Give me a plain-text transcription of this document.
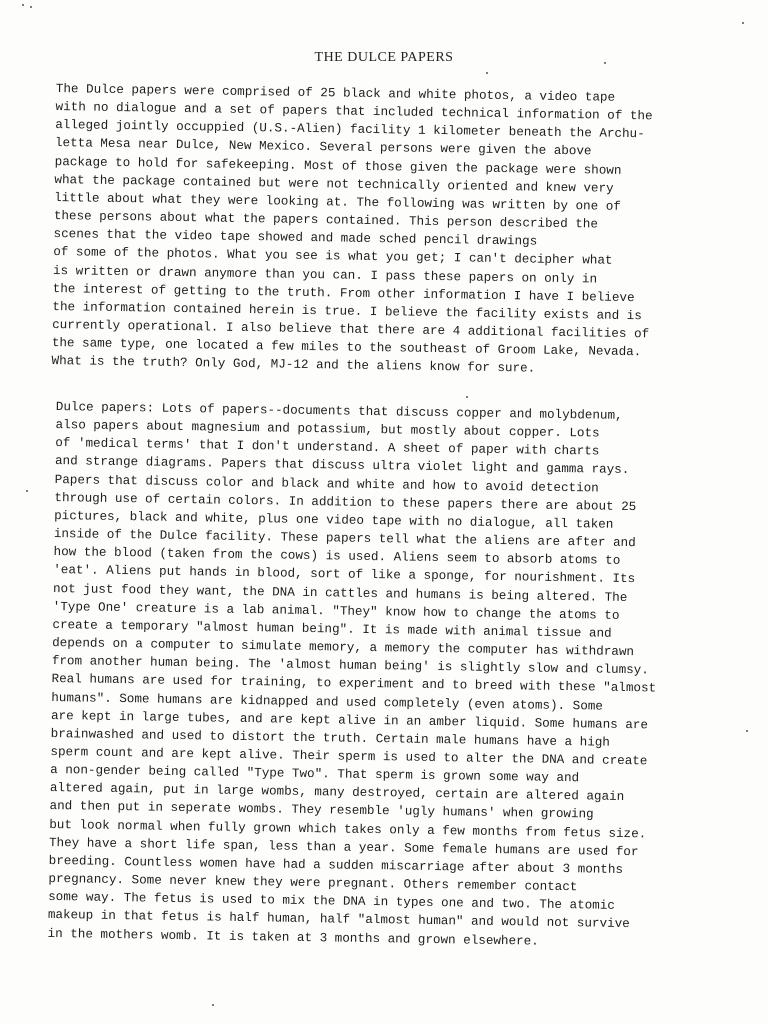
THE DULCE PAPERS

The Dulce papers were comprised of 25 black and white photos, a video tape
with no dialogue and a set of papers that included technical information of the
alleged jointly occuppied (U.S.-Alien) facility 1 kilometer beneath the Archu-
letta Mesa near Dulce, New Mexico. Several persons were given the above
package to hold for safekeeping. Most of those given the package were shown
what the package contained but were not technically oriented and knew very
little about what they were looking at. The following was written by one of
these persons about what the papers contained. This person described the
scenes that the video tape showed and made sched pencil drawings
of some of the photos. What you see is what you get; I can't decipher what
is written or drawn anymore than you can. I pass these papers on only in
the interest of getting to the truth. From other information I have I believe
the information contained herein is true. I believe the facility exists and is
currently operational. I also believe that there are 4 additional facilities of
the same type, one located a few miles to the southeast of Groom Lake, Nevada.
What is the truth? Only God, MJ-12 and the aliens know for sure.

Dulce papers: Lots of papers--documents that discuss copper and molybdenum,
also papers about magnesium and potassium, but mostly about copper. Lots
of 'medical terms' that I don't understand. A sheet of paper with charts
and strange diagrams. Papers that discuss ultra violet light and gamma rays.
Papers that discuss color and black and white and how to avoid detection
through use of certain colors. In addition to these papers there are about 25
pictures, black and white, plus one video tape with no dialogue, all taken
inside of the Dulce facility. These papers tell what the aliens are after and
how the blood (taken from the cows) is used. Aliens seem to absorb atoms to
'eat'. Aliens put hands in blood, sort of like a sponge, for nourishment. Its
not just food they want, the DNA in cattles and humans is being altered. The
'Type One' creature is a lab animal. "They" know how to change the atoms to
create a temporary "almost human being". It is made with animal tissue and
depends on a computer to simulate memory, a memory the computer has withdrawn
from another human being. The 'almost human being' is slightly slow and clumsy.
Real humans are used for training, to experiment and to breed with these "almost
humans". Some humans are kidnapped and used completely (even atoms). Some
are kept in large tubes, and are kept alive in an amber liquid. Some humans are
brainwashed and used to distort the truth. Certain male humans have a high
sperm count and are kept alive. Their sperm is used to alter the DNA and create
a non-gender being called "Type Two". That sperm is grown some way and
altered again, put in large wombs, many destroyed, certain are altered again
and then put in seperate wombs. They resemble 'ugly humans' when growing
but look normal when fully grown which takes only a few months from fetus size.
They have a short life span, less than a year. Some female humans are used for
breeding. Countless women have had a sudden miscarriage after about 3 months
pregnancy. Some never knew they were pregnant. Others remember contact
some way. The fetus is used to mix the DNA in types one and two. The atomic
makeup in that fetus is half human, half "almost human" and would not survive
in the mothers womb. It is taken at 3 months and grown elsewhere.
